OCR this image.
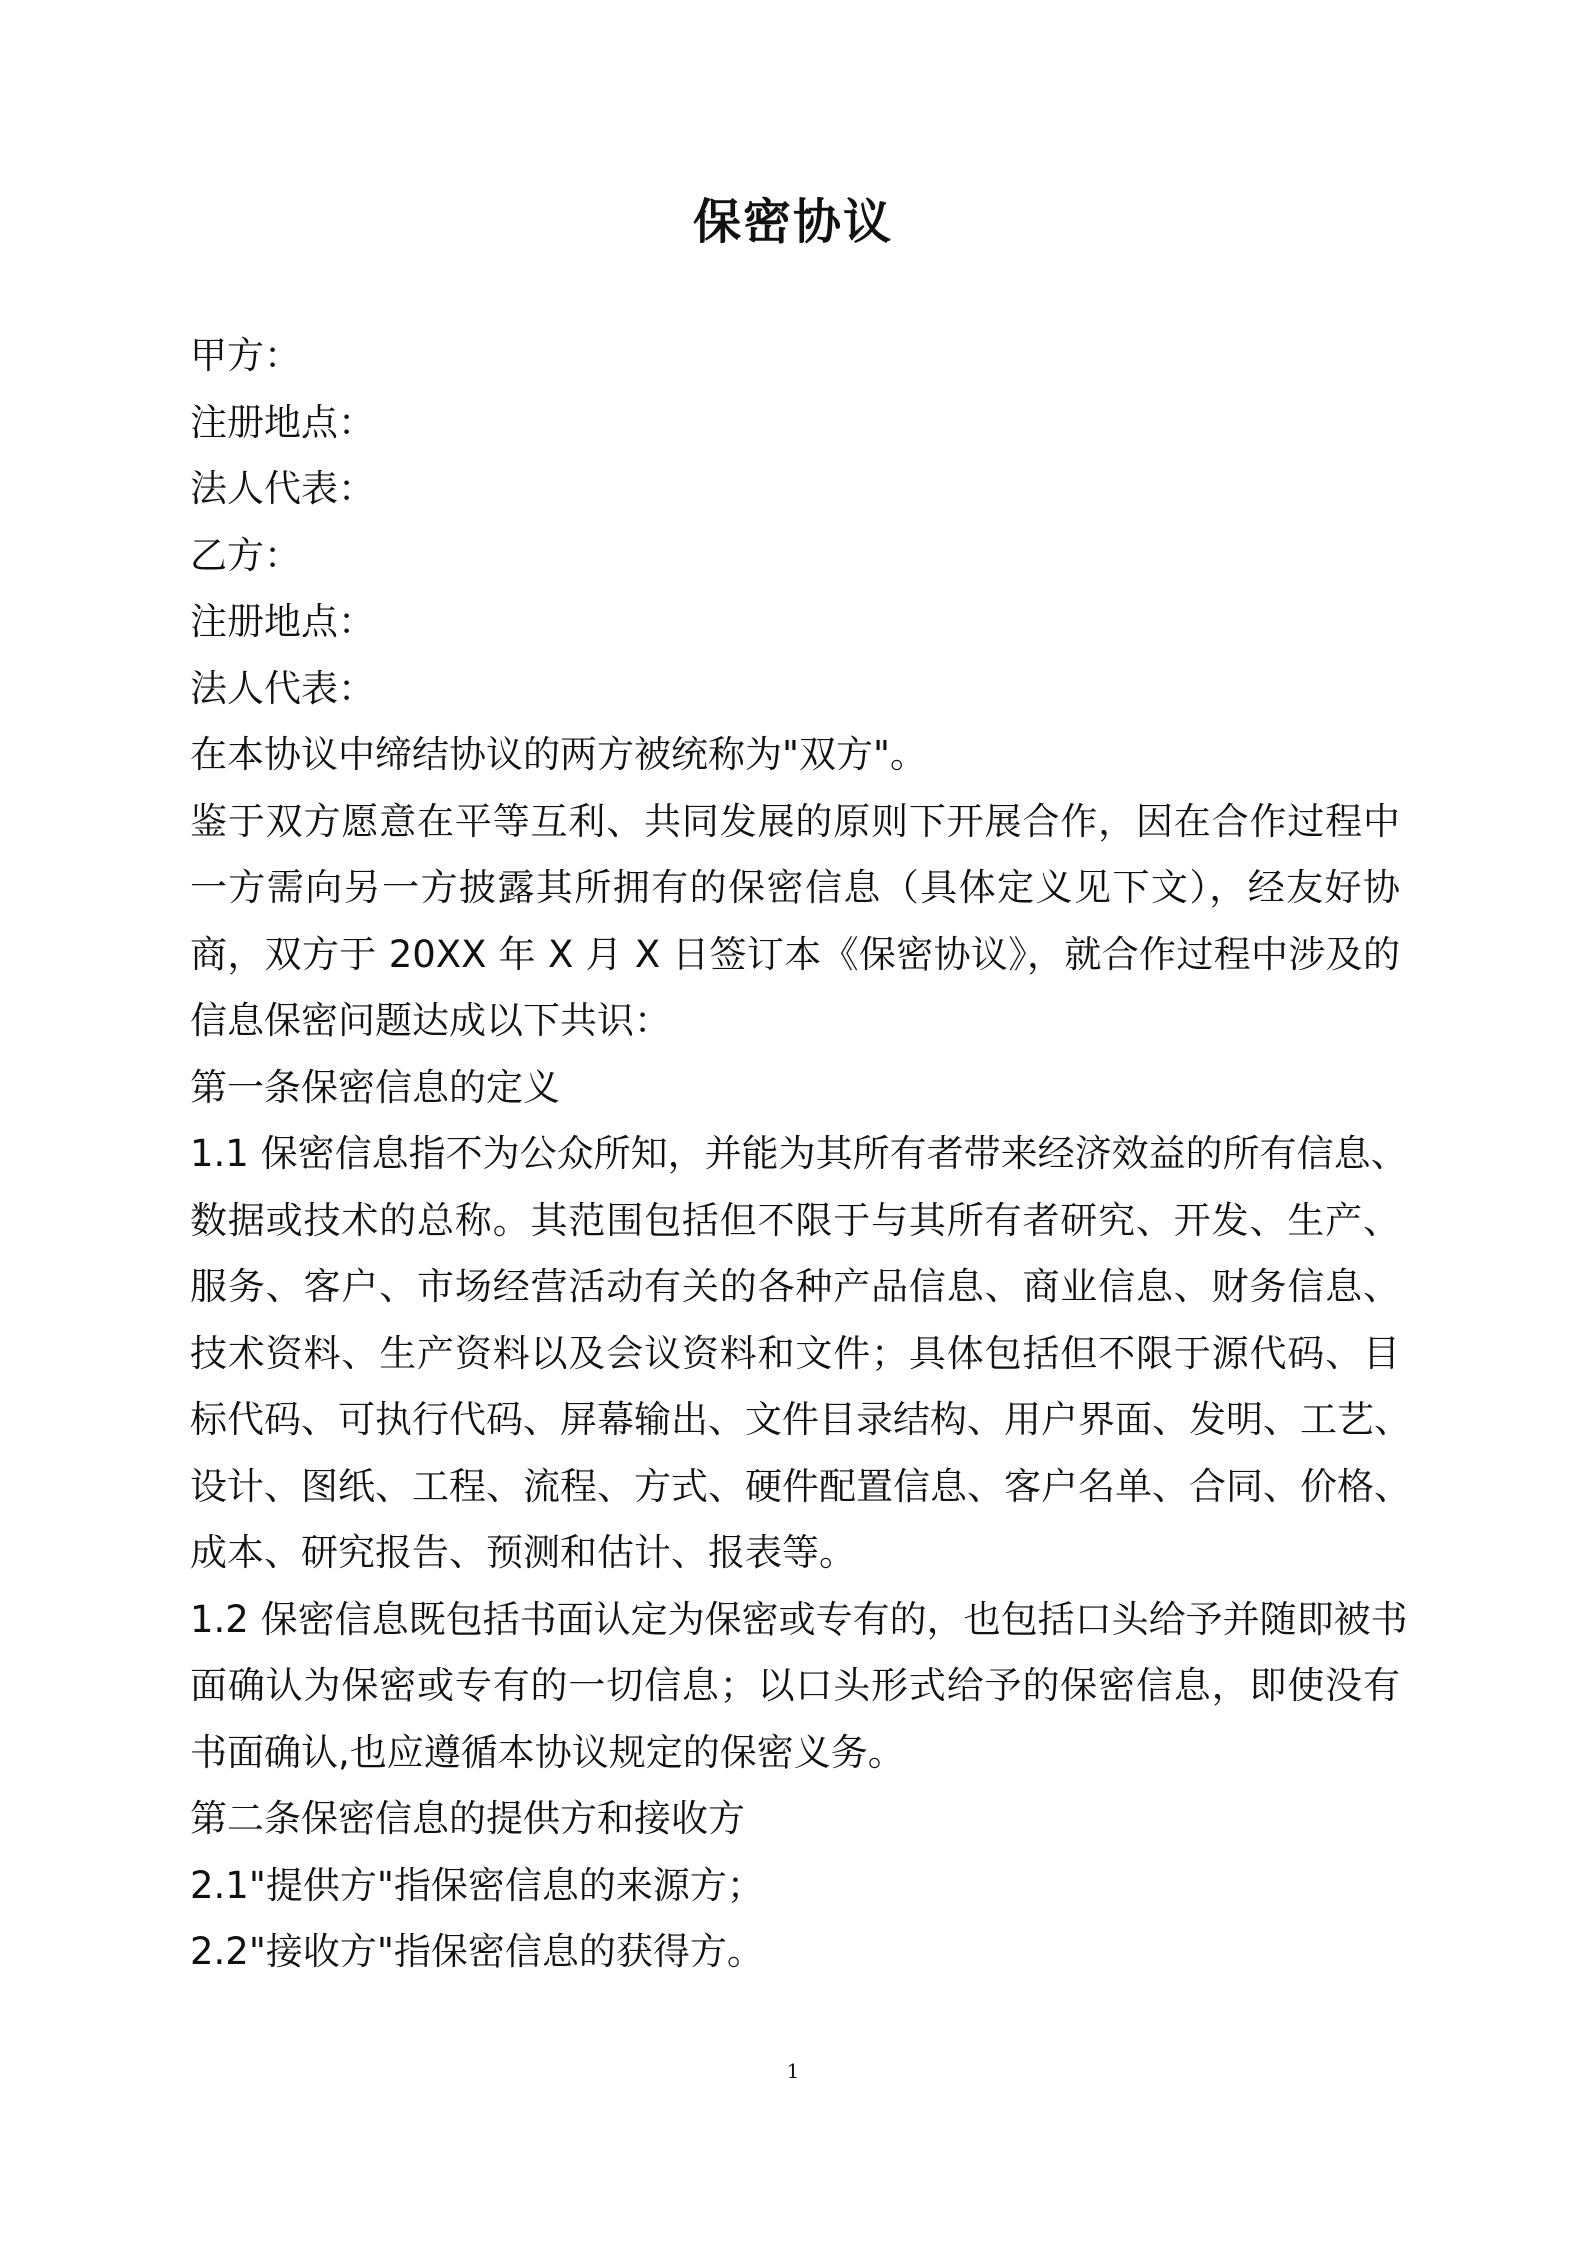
保密协议
甲方：
注册地点：
法人代表：
乙方：
注册地点：
法人代表：
在本协议中缔结协议的两方被统称为"双方"。
鉴于双方愿意在平等互利、共同发展的原则下开展合作，因在合作过程中
一方需向另一方披露其所拥有的保密信息（具体定义见下文），经友好协
商，双方于 20XX 年 X 月 X 日签订本《保密协议》，就合作过程中涉及的
信息保密问题达成以下共识：
第一条保密信息的定义
1.1 保密信息指不为公众所知，并能为其所有者带来经济效益的所有信息、
数据或技术的总称。其范围包括但不限于与其所有者研究、开发、生产、
服务、客户、市场经营活动有关的各种产品信息、商业信息、财务信息、
技术资料、生产资料以及会议资料和文件；具体包括但不限于源代码、目
标代码、可执行代码、屏幕输出、文件目录结构、用户界面、发明、工艺、
设计、图纸、工程、流程、方式、硬件配置信息、客户名单、合同、价格、
成本、研究报告、预测和估计、报表等。
1.2 保密信息既包括书面认定为保密或专有的，也包括口头给予并随即被书
面确认为保密或专有的一切信息；以口头形式给予的保密信息，即使没有
书面确认,也应遵循本协议规定的保密义务。
第二条保密信息的提供方和接收方
2.1"提供方"指保密信息的来源方；
2.2"接收方"指保密信息的获得方。
1
